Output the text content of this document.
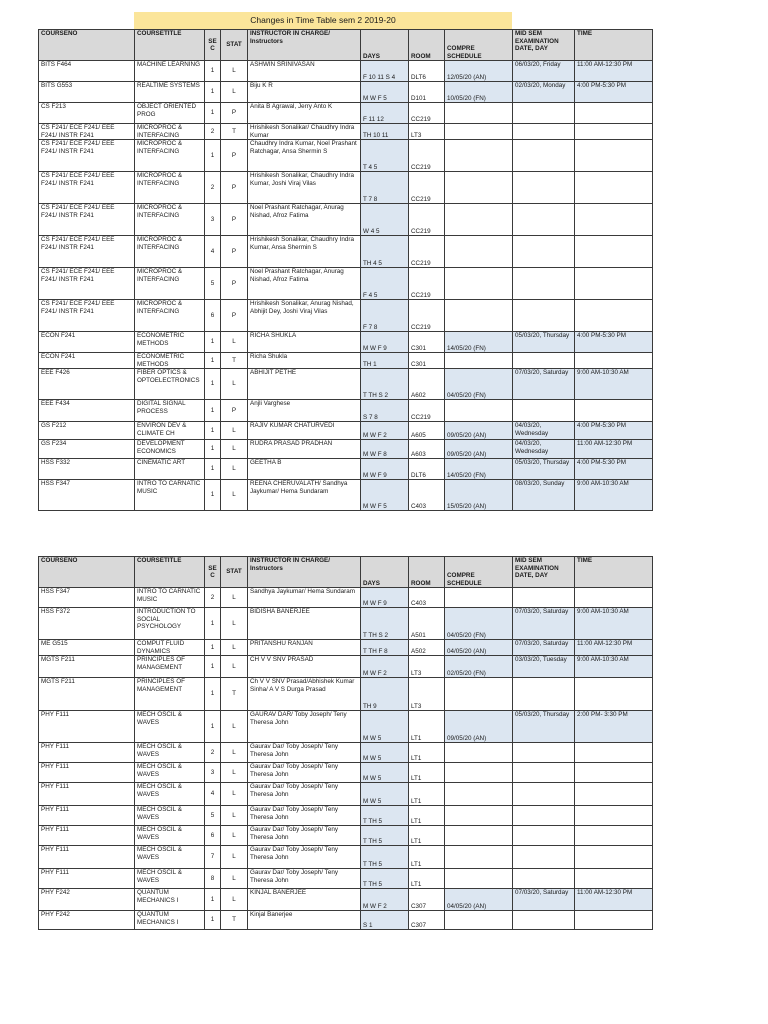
Changes in Time Table sem 2 2019-20
COURSENO	COURSETITLE	SEC	STAT	INSTRUCTOR IN CHARGE/ Instructors	DAYS	ROOM	COMPRE SCHEDULE	MID SEM EXAMINATION DATE, DAY	TIME
BITS F464	MACHINE LEARNING	1	L	ASHWIN SRINIVASAN	F 10 11 S 4	DLT6	12/05/20 (AN)	06/03/20, Friday	11:00 AM-12:30 PM
BITS G553	REALTIME SYSTEMS	1	L	Biju K R	M W F 5	D101	10/05/20 (FN)	02/03/20, Monday	4:00 PM-5:30 PM
CS F213	OBJECT ORIENTED PROG	1	P	Anita B Agrawal, Jerry Anto K	F 11 12	CC219			
CS F241/ ECE F241/ EEE F241/ INSTR F241	MICROPROC & INTERFACING	2	T	Hrishikesh Sonalikar/ Chaudhry Indra Kumar	TH 10 11	LT3			
CS F241/ ECE F241/ EEE F241/ INSTR F241	MICROPROC & INTERFACING	1	P	Chaudhry Indra Kumar, Noel Prashant Ratchagar, Ansa Shermin S	T 4 5	CC219			
CS F241/ ECE F241/ EEE F241/ INSTR F241	MICROPROC & INTERFACING	2	P	Hrishikesh Sonalikar, Chaudhry Indra Kumar, Joshi Viraj Vilas	T 7 8	CC219			
CS F241/ ECE F241/ EEE F241/ INSTR F241	MICROPROC & INTERFACING	3	P	Noel Prashant Ratchagar, Anurag Nishad, Afroz Fatima	W 4 5	CC219			
CS F241/ ECE F241/ EEE F241/ INSTR F241	MICROPROC & INTERFACING	4	P	Hrishikesh Sonalikar, Chaudhry Indra Kumar, Ansa Shermin S	TH 4 5	CC219			
CS F241/ ECE F241/ EEE F241/ INSTR F241	MICROPROC & INTERFACING	5	P	Noel Prashant Ratchagar, Anurag Nishad, Afroz Fatima	F 4 5	CC219			
CS F241/ ECE F241/ EEE F241/ INSTR F241	MICROPROC & INTERFACING	6	P	Hrishikesh Sonalikar, Anurag Nishad, Abhijit Dey, Joshi Viraj Vilas	F 7 8	CC219			
ECON F241	ECONOMETRIC METHODS	1	L	RICHA SHUKLA	M W F 9	C301	14/05/20 (FN)	05/03/20, Thursday	4:00 PM-5:30 PM
ECON F241	ECONOMETRIC METHODS	1	T	Richa Shukla	TH 1	C301			
EEE F426	FIBER OPTICS & OPTOELECTRONICS	1	L	ABHIJIT PETHE	T TH S 2	A602	04/05/20 (FN)	07/03/20, Saturday	9:00 AM-10:30 AM
EEE F434	DIGITAL SIGNAL PROCESS	1	P	Anjli Varghese	S 7 8	CC219			
GS F212	ENVIRON DEV & CLIMATE CH	1	L	RAJIV KUMAR CHATURVEDI	M W F 2	A605	09/05/20 (AN)	04/03/20, Wednesday	4:00 PM-5:30 PM
GS F234	DEVELOPMENT ECONOMICS	1	L	RUDRA PRASAD PRADHAN	M W F 8	A603	09/05/20 (AN)	04/03/20, Wednesday	11:00 AM-12:30 PM
HSS F332	CINEMATIC ART	1	L	GEETHA B	M W F 9	DLT6	14/05/20 (FN)	05/03/20, Thursday	4:00 PM-5:30 PM
HSS F347	INTRO TO CARNATIC MUSIC	1	L	REENA CHERUVALATH/ Sandhya Jaykumar/ Hema Sundaram	M W F 5	C403	15/05/20 (AN)	08/03/20, Sunday	9:00 AM-10:30 AM
COURSENO	COURSETITLE	SEC	STAT	INSTRUCTOR IN CHARGE/ Instructors	DAYS	ROOM	COMPRE SCHEDULE	MID SEM EXAMINATION DATE, DAY	TIME
HSS F347	INTRO TO CARNATIC MUSIC	2	L	Sandhya Jaykumar/ Hema Sundaram	M W F 9	C403			
HSS F372	INTRODUCTION TO SOCIAL PSYCHOLOGY	1	L	BIDISHA BANERJEE	T TH S 2	A501	04/05/20 (FN)	07/03/20, Saturday	9:00 AM-10:30 AM
ME G515	COMPUT FLUID DYNAMICS	1	L	PRITANSHU RANJAN	T TH F 8	A502	04/05/20 (AN)	07/03/20, Saturday	11:00 AM-12:30 PM
MGTS F211	PRINCIPLES OF MANAGEMENT	1	L	CH V V SNV PRASAD	M W F 2	LT3	02/05/20 (FN)	03/03/20, Tuesday	9:00 AM-10:30 AM
MGTS F211	PRINCIPLES OF MANAGEMENT	1	T	Ch V V SNV Prasad/Abhishek Kumar Sinha/ A V S Durga Prasad	TH 9	LT3			
PHY F111	MECH OSCIL & WAVES	1	L	GAURAV DAR/ Toby Joseph/ Teny Theresa John	M W 5	LT1	09/05/20 (AN)	05/03/20, Thursday	2:00 PM- 3:30 PM
PHY F111	MECH OSCIL & WAVES	2	L	Gaurav Dar/ Toby Joseph/ Teny Theresa John	M W 5	LT1			
PHY F111	MECH OSCIL & WAVES	3	L	Gaurav Dar/ Toby Joseph/ Teny Theresa John	M W 5	LT1			
PHY F111	MECH OSCIL & WAVES	4	L	Gaurav Dar/ Toby Joseph/ Teny Theresa John	M W 5	LT1			
PHY F111	MECH OSCIL & WAVES	5	L	Gaurav Dar/ Toby Joseph/ Teny Theresa John	T TH 5	LT1			
PHY F111	MECH OSCIL & WAVES	6	L	Gaurav Dar/ Toby Joseph/ Teny Theresa John	T TH 5	LT1			
PHY F111	MECH OSCIL & WAVES	7	L	Gaurav Dar/ Toby Joseph/ Teny Theresa John	T TH 5	LT1			
PHY F111	MECH OSCIL & WAVES	8	L	Gaurav Dar/ Toby Joseph/ Teny Theresa John	T TH 5	LT1			
PHY F242	QUANTUM MECHANICS I	1	L	KINJAL BANERJEE	M W F 2	C307	04/05/20 (AN)	07/03/20, Saturday	11:00 AM-12:30 PM
PHY F242	QUANTUM MECHANICS I	1	T	Kinjal Banerjee	S 1	C307			
